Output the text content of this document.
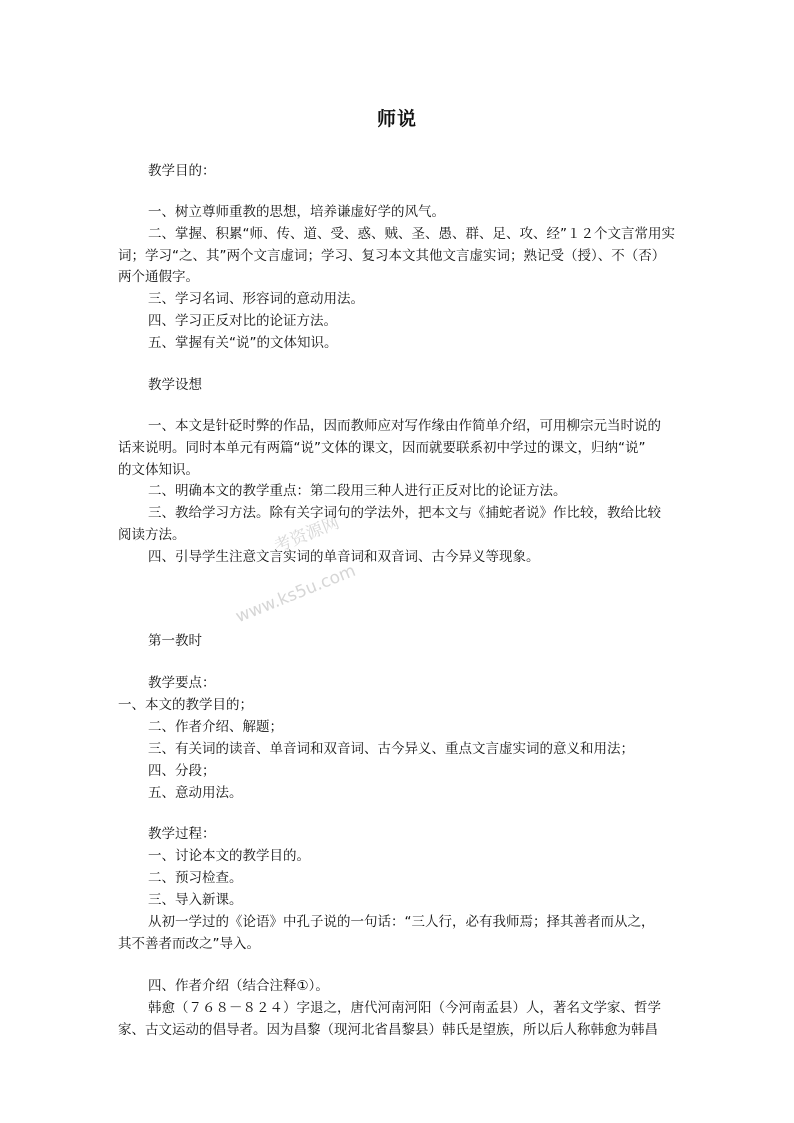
师说
考资源网
www.ks5u.com
教学目的：
一、树立尊师重教的思想，培养谦虚好学的风气。
二、掌握、积累“师、传、道、受、惑、贼、圣、愚、群、足、攻、经”１２个文言常用实
词；学习“之、其”两个文言虚词；学习、复习本文其他文言虚实词；熟记受（授）、不（否）
两个通假字。
三、学习名词、形容词的意动用法。
四、学习正反对比的论证方法。
五、掌握有关“说”的文体知识。
教学设想
一、本文是针砭时弊的作品，因而教师应对写作缘由作简单介绍，可用柳宗元当时说的
话来说明。同时本单元有两篇“说”文体的课文，因而就要联系初中学过的课文，归纳“说”
的文体知识。
二、明确本文的教学重点：第二段用三种人进行正反对比的论证方法。
三、教给学习方法。除有关字词句的学法外，把本文与《捕蛇者说》作比较，教给比较
阅读方法。
四、引导学生注意文言实词的单音词和双音词、古今异义等现象。
第一教时
教学要点：
一、本文的教学目的；
二、作者介绍、解题；
三、有关词的读音、单音词和双音词、古今异义、重点文言虚实词的意义和用法；
四、分段；
五、意动用法。
教学过程：
一、讨论本文的教学目的。
二、预习检查。
三、导入新课。
从初一学过的《论语》中孔子说的一句话：“三人行，必有我师焉；择其善者而从之，
其不善者而改之”导入。
四、作者介绍（结合注释①）。
韩愈（７６８－８２４）字退之，唐代河南河阳（今河南孟县）人，著名文学家、哲学
家、古文运动的倡导者。因为昌黎（现河北省昌黎县）韩氏是望族，所以后人称韩愈为韩昌
